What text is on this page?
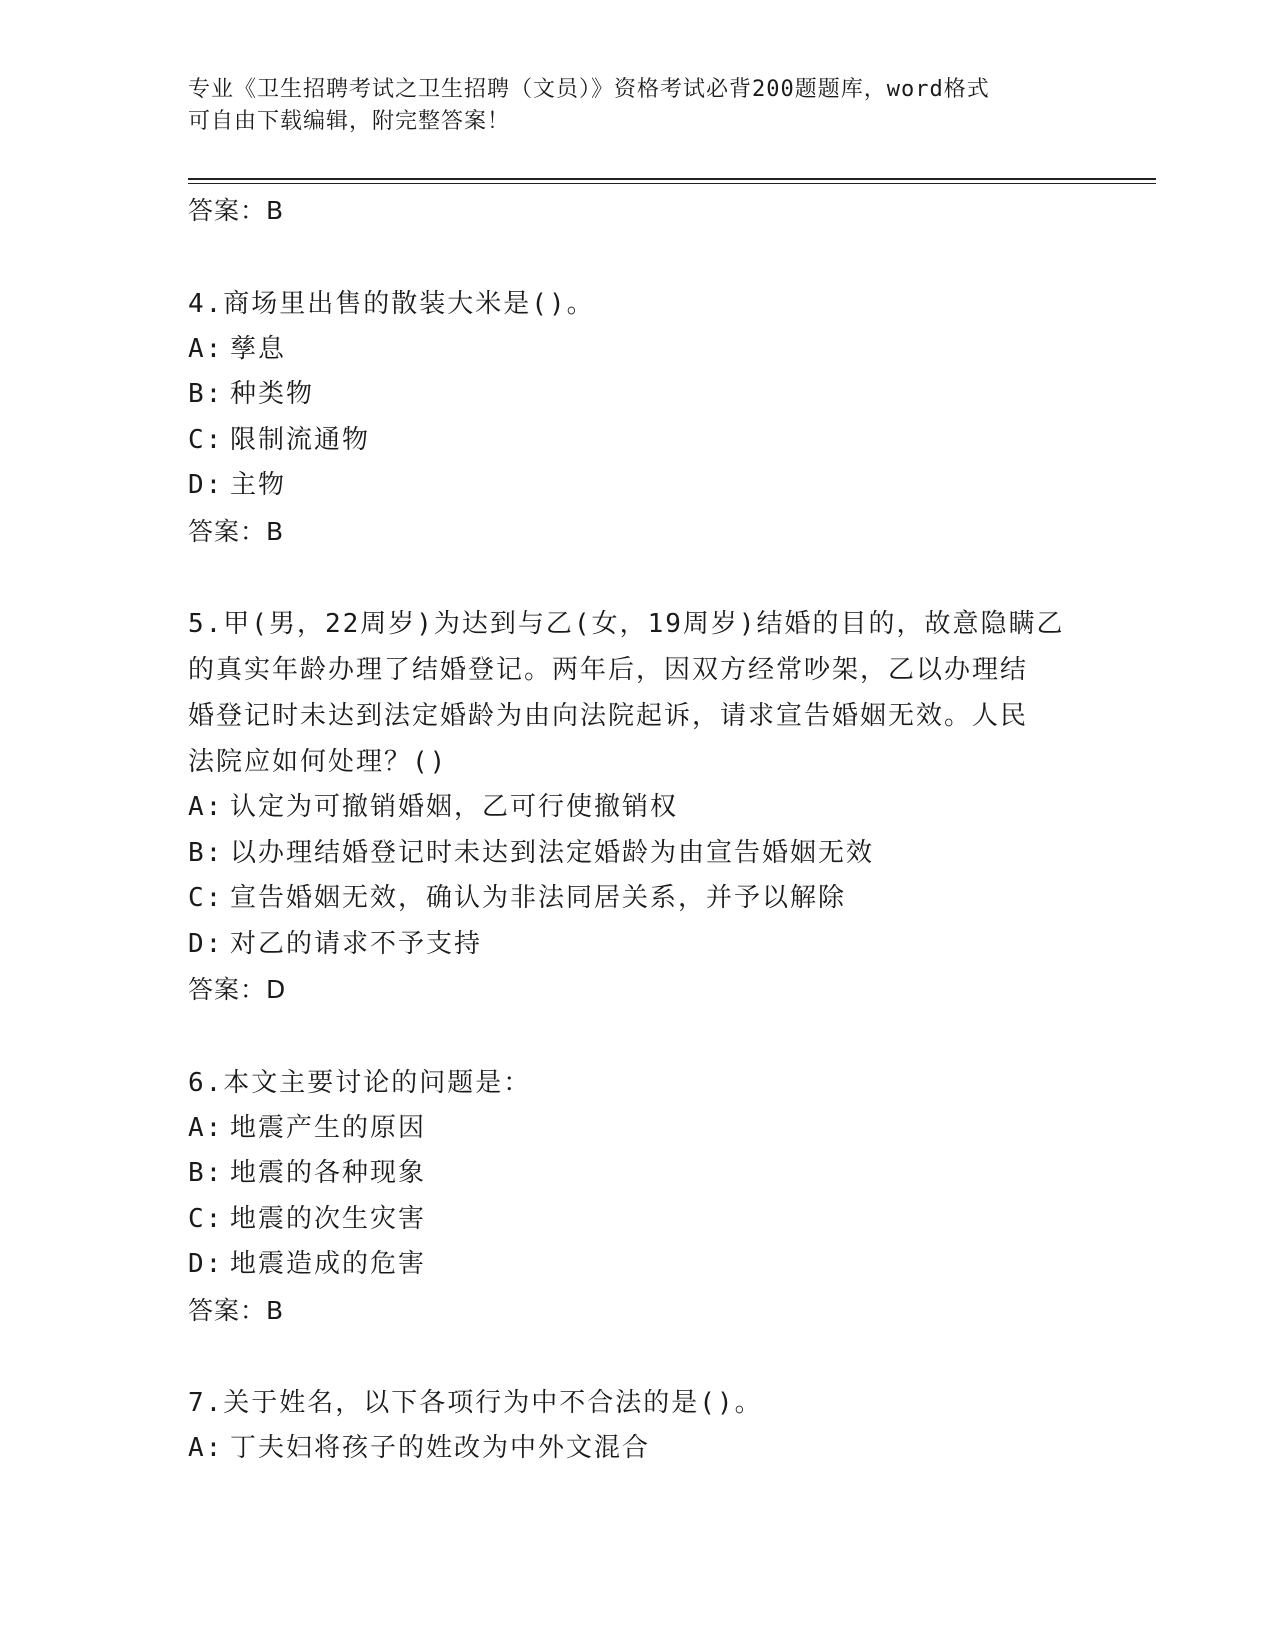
专业《卫生招聘考试之卫生招聘（文员）》资格考试必背200题题库，word格式
可自由下载编辑，附完整答案！
答案：B
4.商场里出售的散装大米是()。
A: 孳息
B: 种类物
C: 限制流通物
D: 主物
答案：B
5.甲(男，22周岁)为达到与乙(女，19周岁)结婚的目的，故意隐瞒乙
的真实年龄办理了结婚登记。两年后，因双方经常吵架，乙以办理结
婚登记时未达到法定婚龄为由向法院起诉，请求宣告婚姻无效。人民
法院应如何处理？()
A: 认定为可撤销婚姻，乙可行使撤销权
B: 以办理结婚登记时未达到法定婚龄为由宣告婚姻无效
C: 宣告婚姻无效，确认为非法同居关系，并予以解除
D: 对乙的请求不予支持
答案：D
6.本文主要讨论的问题是：
A: 地震产生的原因
B: 地震的各种现象
C: 地震的次生灾害
D: 地震造成的危害
答案：B
7.关于姓名，以下各项行为中不合法的是()。
A: 丁夫妇将孩子的姓改为中外文混合
